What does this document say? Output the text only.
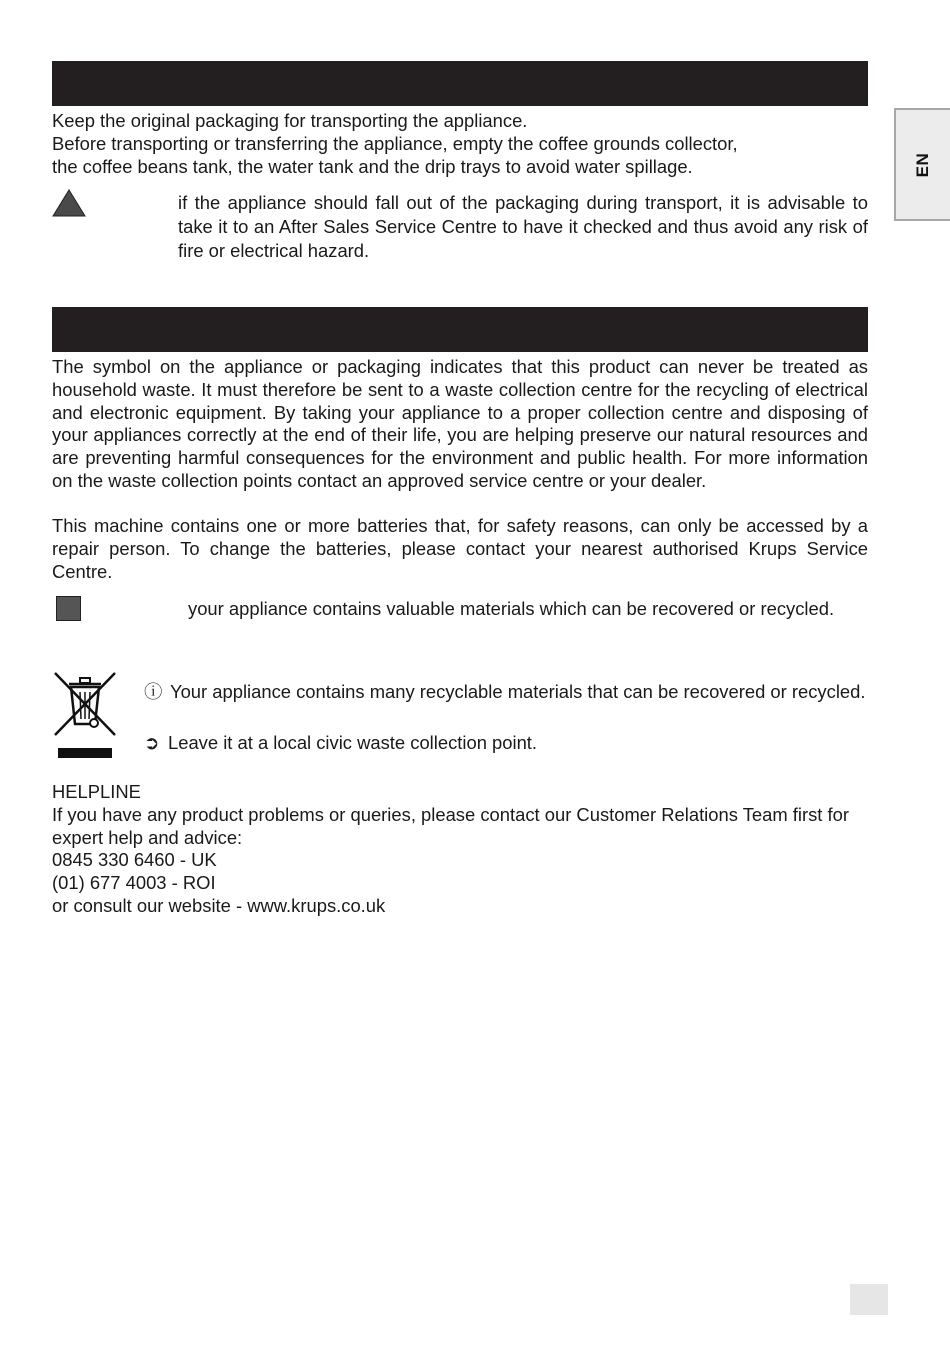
EN

Keep the original packaging for transporting the appliance.
Before transporting or transferring the appliance, empty the coffee grounds collector,
the coffee beans tank, the water tank and the drip trays to avoid water spillage.

if the appliance should fall out of the packaging during transport, it is advisable to take it to an After Sales Service Centre to have it checked and thus avoid any risk of fire or electrical hazard.

The symbol on the appliance or packaging indicates that this product can never be treated as household waste. It must therefore be sent to a waste collection centre for the recycling of electrical and electronic equipment. By taking your appliance to a proper collection centre and disposing of your appliances correctly at the end of their life, you are helping preserve our natural resources and are preventing harmful consequences for the environment and public health. For more information on the waste collection points contact an approved service centre or your dealer.

This machine contains one or more batteries that, for safety reasons, can only be accessed by a repair person. To change the batteries, please contact your nearest authorised Krups Service Centre.

your appliance contains valuable materials which can be recovered or recycled.

ⓘ Your appliance contains many recyclable materials that can be recovered or recycled.
➲ Leave it at a local civic waste collection point.
HELPLINE
If you have any product problems or queries, please contact our Customer Relations Team first for expert help and advice:
0845 330 6460 - UK
(01) 677 4003 - ROI
or consult our website - www.krups.co.uk
